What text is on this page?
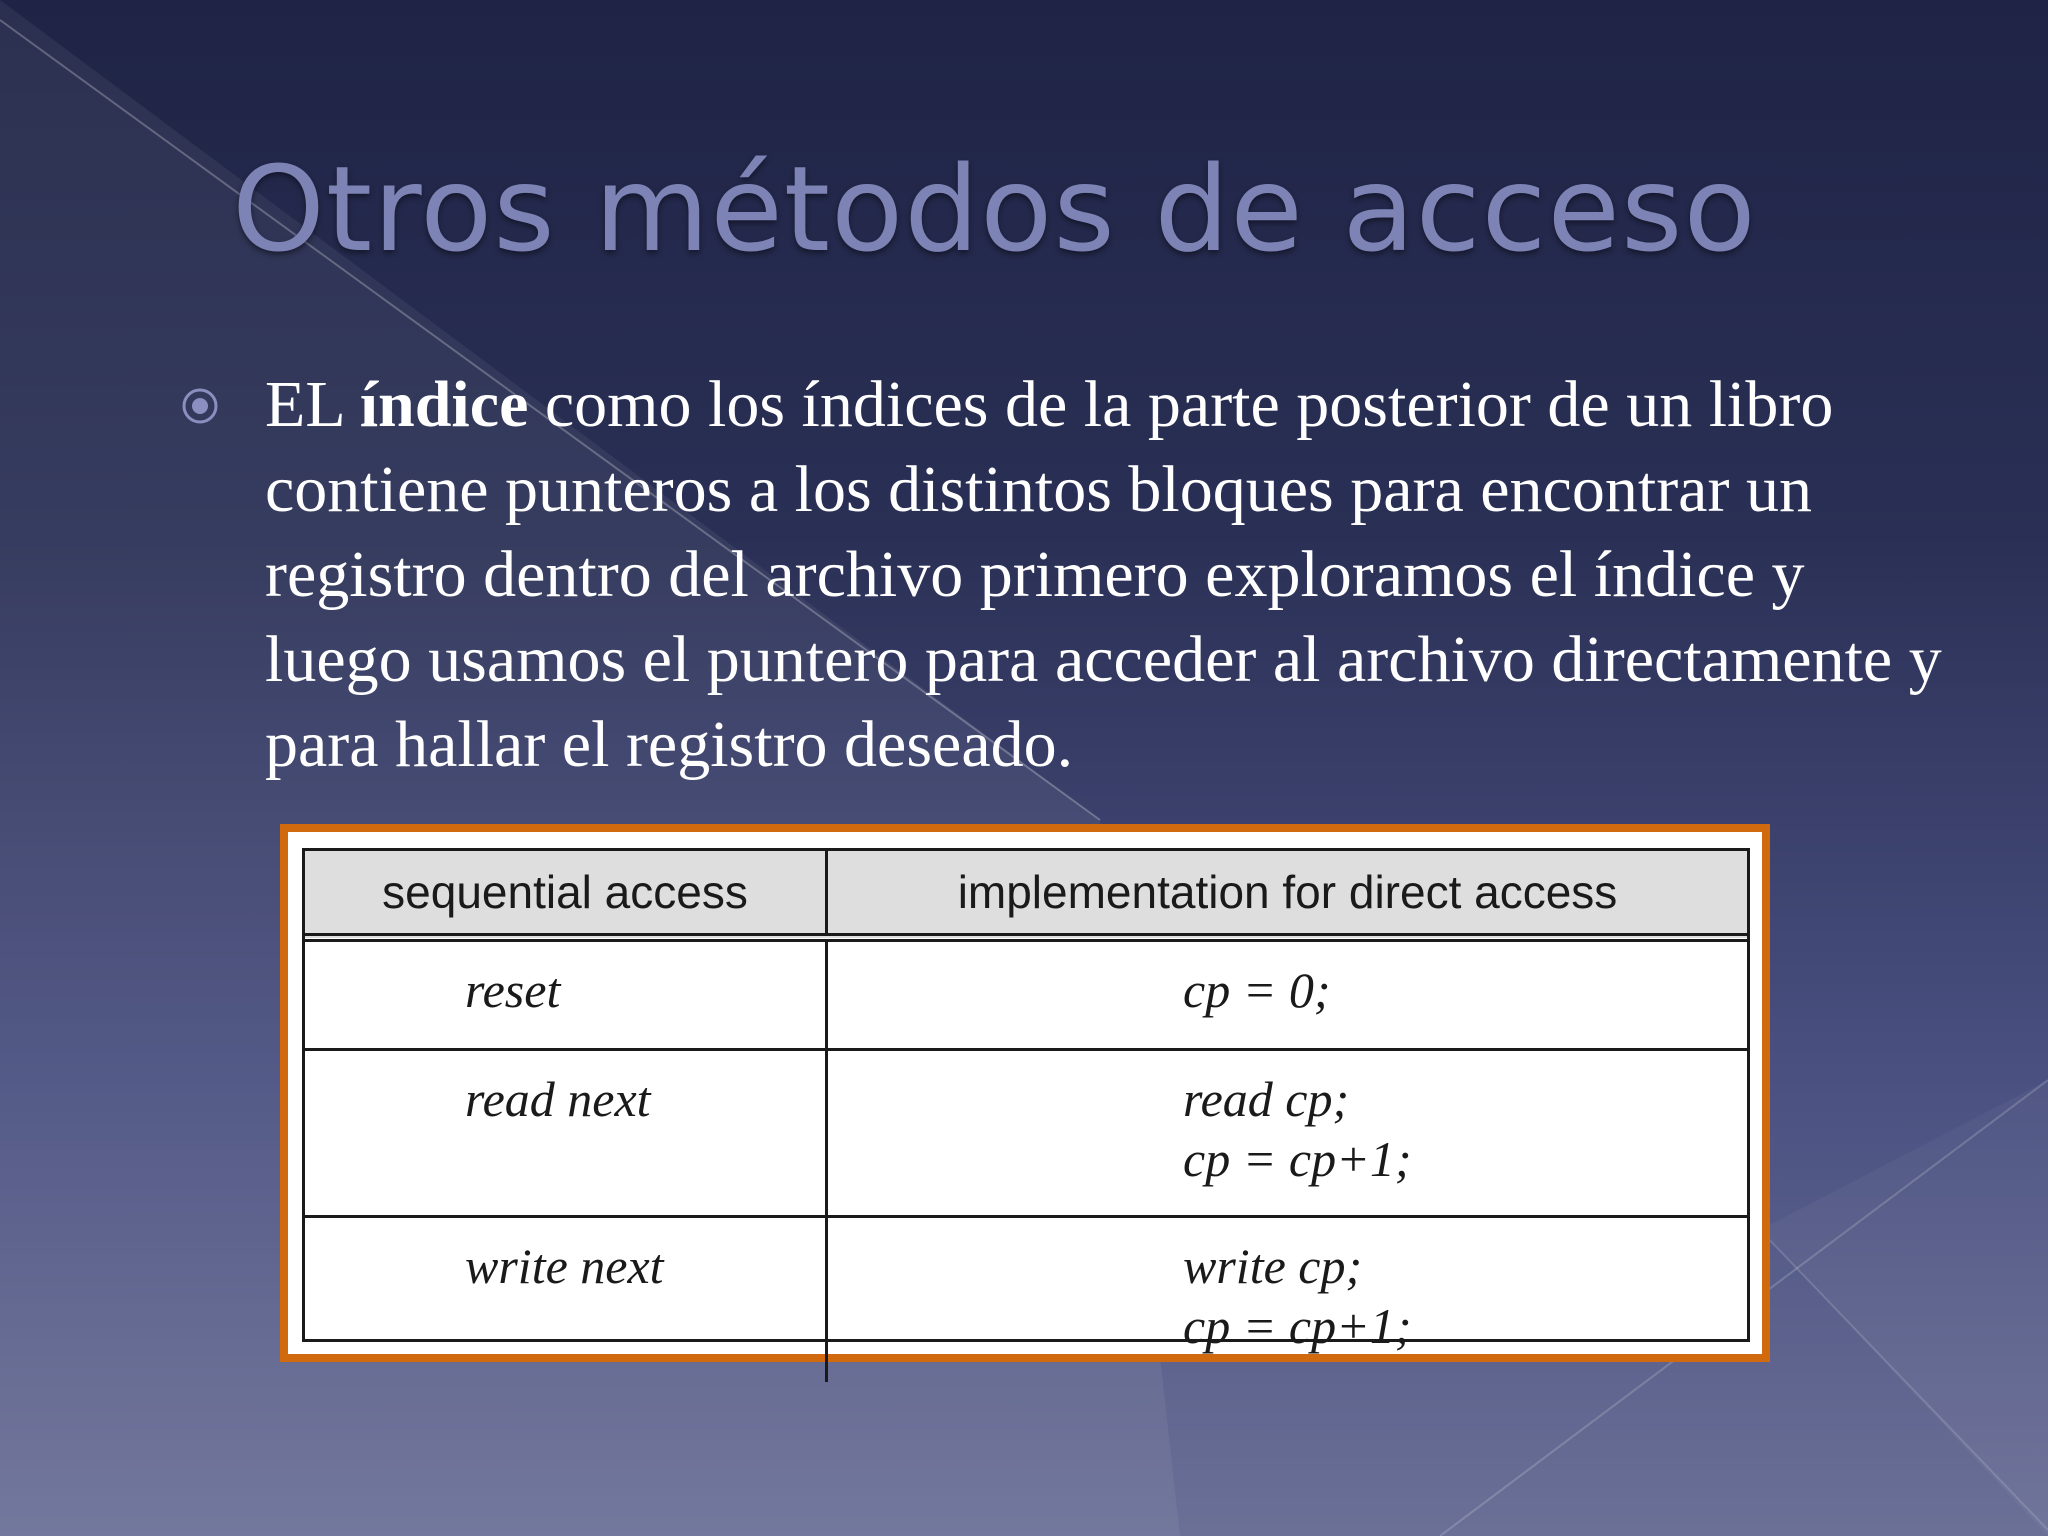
Otros métodos de acceso
EL índice como los índices de la parte posterior de un libro contiene punteros a los distintos bloques para encontrar un registro dentro del archivo primero exploramos el índice y luego usamos el puntero para acceder al archivo directamente y para hallar el registro deseado.
sequential access	implementation for direct access
reset	cp = 0;

read next	read cp;
cp = cp+1;

write next	write cp;
cp = cp+1;
